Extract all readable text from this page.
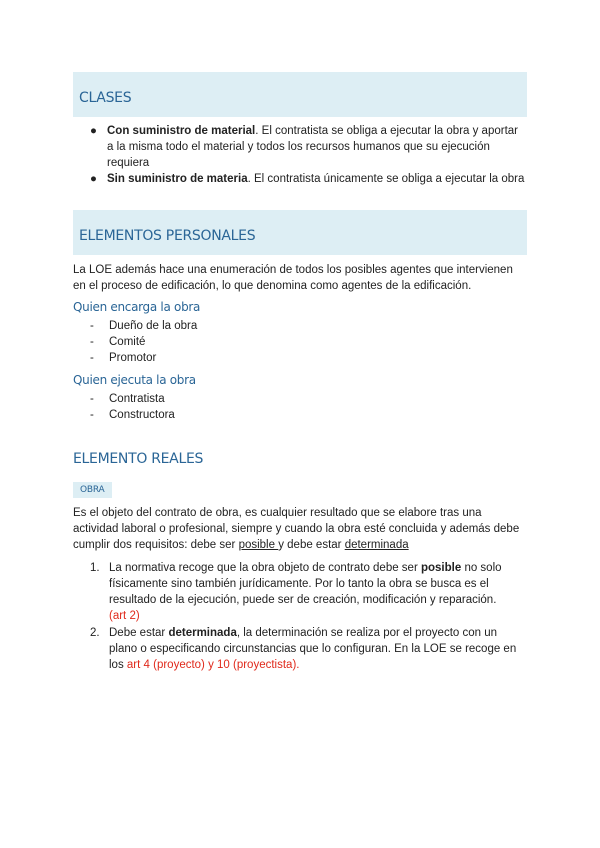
CLASES
● Con suministro de material. El contratista se obliga a ejecutar la obra y aportar a la misma todo el material y todos los recursos humanos que su ejecución requiera
● Sin suministro de materia. El contratista únicamente se obliga a ejecutar la obra
ELEMENTOS PERSONALES

La LOE además hace una enumeración de todos los posibles agentes que intervienen en el proceso de edificación, lo que denomina como agentes de la edificación.

Quien encarga la obra
- Dueño de la obra
- Comité
- Promotor
Quien ejecuta la obra
- Contratista
- Constructora
ELEMENTO REALES
OBRA

Es el objeto del contrato de obra, es cualquier resultado que se elabore tras una actividad laboral o profesional, siempre y cuando la obra esté concluida y además debe cumplir dos requisitos: debe ser posible y debe estar determinada

1. La normativa recoge que la obra objeto de contrato debe ser posible no solo físicamente sino también jurídicamente. Por lo tanto la obra se busca es el resultado de la ejecución, puede ser de creación, modificación y reparación.
(art 2)
2. Debe estar determinada, la determinación se realiza por el proyecto con un plano o especificando circunstancias que lo configuran. En la LOE se recoge en los art 4 (proyecto) y 10 (proyectista).
